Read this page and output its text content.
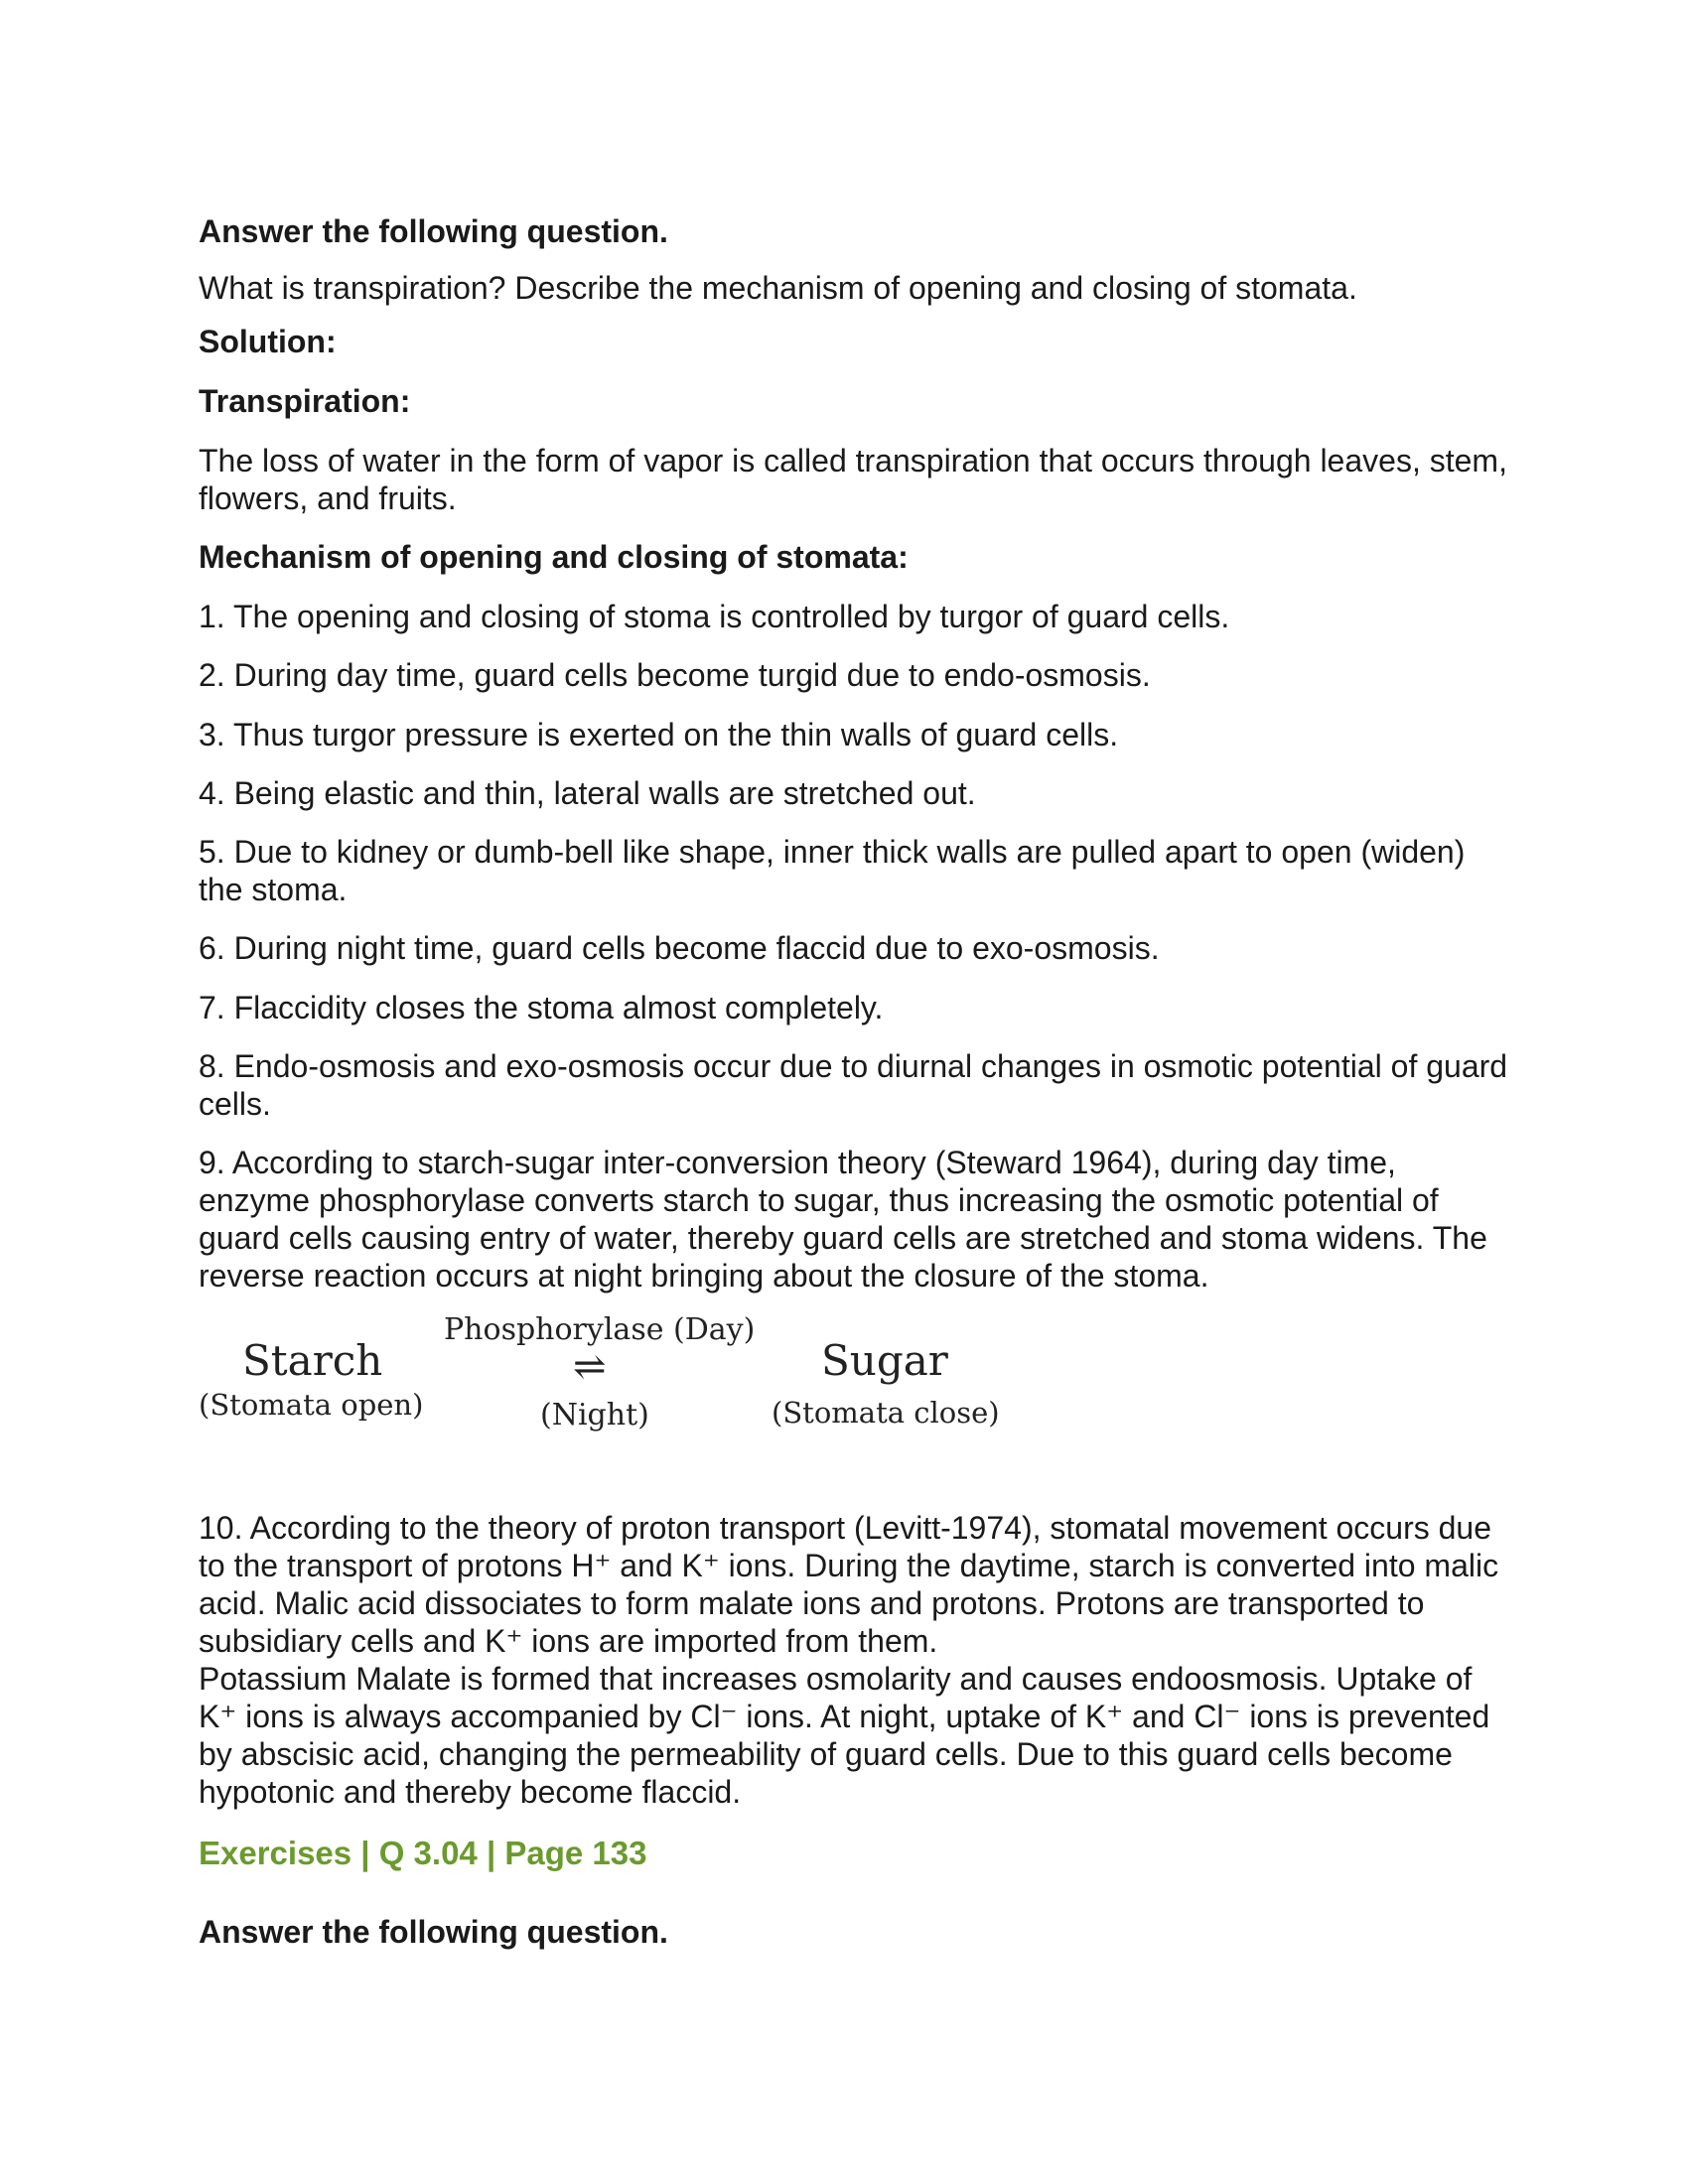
Answer the following question.

What is transpiration? Describe the mechanism of opening and closing of stomata.

Solution:

Transpiration:

The loss of water in the form of vapor is called transpiration that occurs through leaves, stem, flowers, and fruits.

Mechanism of opening and closing of stomata:

1. The opening and closing of stoma is controlled by turgor of guard cells.

2. During day time, guard cells become turgid due to endo-osmosis.

3. Thus turgor pressure is exerted on the thin walls of guard cells.

4. Being elastic and thin, lateral walls are stretched out.

5. Due to kidney or dumb-bell like shape, inner thick walls are pulled apart to open (widen) the stoma.

6. During night time, guard cells become flaccid due to exo-osmosis.

7. Flaccidity closes the stoma almost completely.

8. Endo-osmosis and exo-osmosis occur due to diurnal changes in osmotic potential of guard cells.

9. According to starch-sugar inter-conversion theory (Steward 1964), during day time, enzyme phosphorylase converts starch to sugar, thus increasing the osmotic potential of guard cells causing entry of water, thereby guard cells are stretched and stoma widens. The reverse reaction occurs at night bringing about the closure of the stoma.

Starch
(Stomata open)
Phosphorylase (Day)
⇌
(Night)
Sugar
(Stomata close)

10. According to the theory of proton transport (Levitt-1974), stomatal movement occurs due to the transport of protons H⁺ and K⁺ ions. During the daytime, starch is converted into malic acid. Malic acid dissociates to form malate ions and protons. Protons are transported to subsidiary cells and K⁺ ions are imported from them.

Potassium Malate is formed that increases osmolarity and causes endoosmosis. Uptake of K⁺ ions is always accompanied by Cl⁻ ions. At night, uptake of K⁺ and Cl⁻ ions is prevented by abscisic acid, changing the permeability of guard cells. Due to this guard cells become hypotonic and thereby become flaccid.

Exercises | Q 3.04 | Page 133

Answer the following question.
